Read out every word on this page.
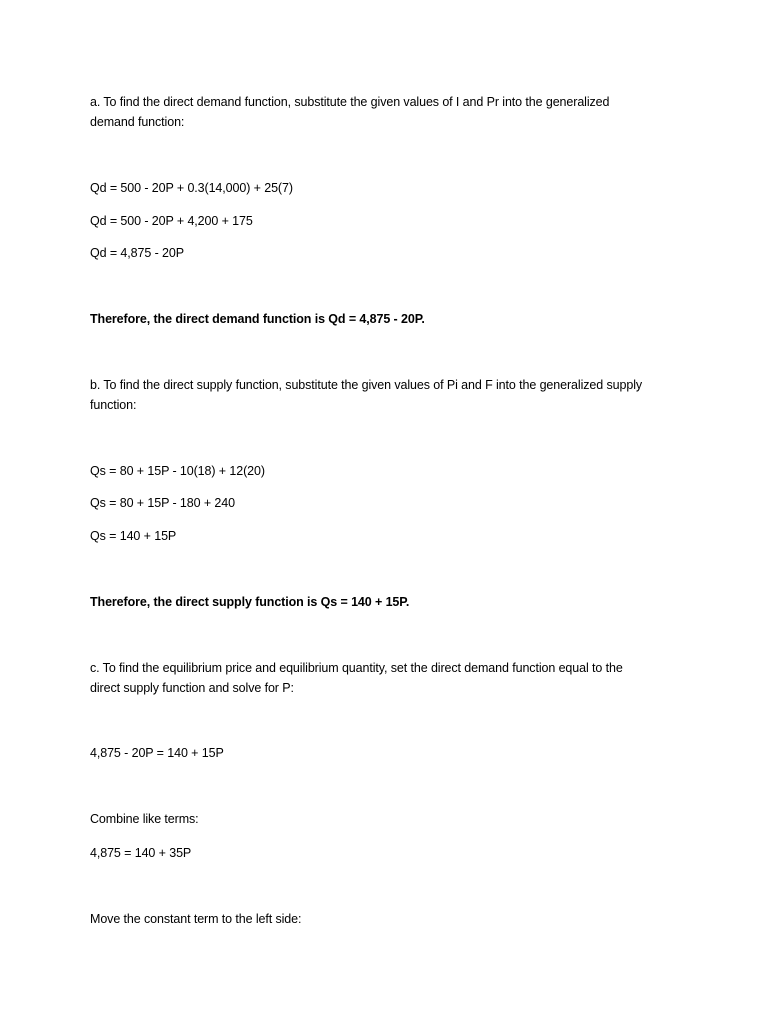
a. To find the direct demand function, substitute the given values of I and Pr into the generalized
demand function:
Qd = 500 - 20P + 0.3(14,000) + 25(7)
Qd = 500 - 20P + 4,200 + 175
Qd = 4,875 - 20P
Therefore, the direct demand function is Qd = 4,875 - 20P.
b. To find the direct supply function, substitute the given values of Pi and F into the generalized supply
function:
Qs = 80 + 15P - 10(18) + 12(20)
Qs = 80 + 15P - 180 + 240
Qs = 140 + 15P
Therefore, the direct supply function is Qs = 140 + 15P.
c. To find the equilibrium price and equilibrium quantity, set the direct demand function equal to the
direct supply function and solve for P:
4,875 - 20P = 140 + 15P
Combine like terms:
4,875 = 140 + 35P
Move the constant term to the left side:
